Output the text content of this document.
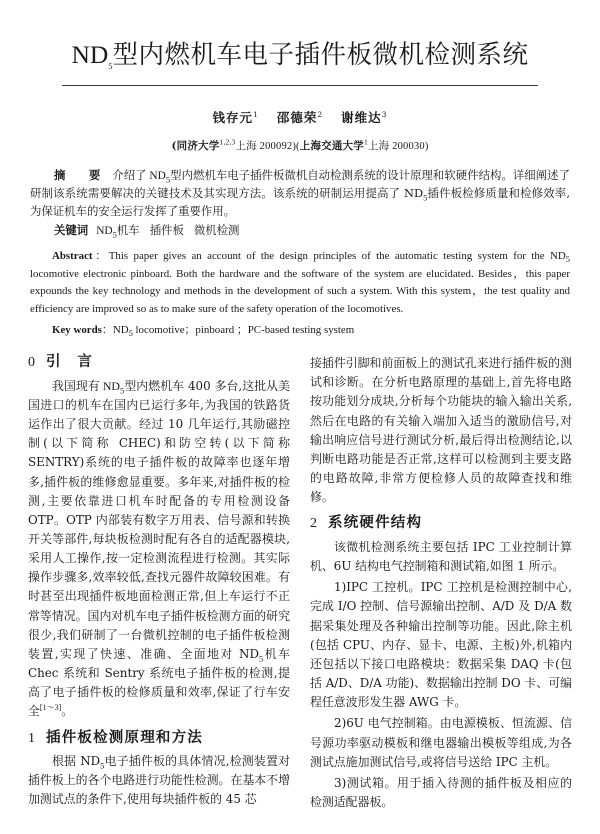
$ND_5$型内燃机车电子插件板微机检测系统
钱存元$^1$ 邵德荣$^2$ 谢维达$^3$
(同济大学$^{1,2,3}$上海 200092)(上海交通大学$^1$上海 200030)
摘　要 介绍了 $ND_5$型内燃机车电子插件板微机自动检测系统的设计原理和软硬件结构。详细阐述了研制该系统需要解决的关键技术及其实现方法。该系统的研制运用提高了 $ND_5$插件板检修质量和检修效率,为保证机车的安全运行发挥了重要作用。
关键词 $ND_5$机车 插件板 微机检测
Abstract：This paper gives an account of the design principles of the automatic testing system for the $ND_5$ locomotive electronic pinboard. Both the hardware and the software of the system are elucidated. Besides，this paper expounds the key technology and methods in the development of such a system. With this system，the test quality and efficiency are improved so as to make sure of the safety operation of the locomotives.
Key words：$ND_5$ locomotive；pinboard ；PC-based testing system
0 引　言

我国现有 $ND_5$型内燃机车 400 多台,这批从美国进口的机车在国内已运行多年,为我国的铁路货运作出了很大贡献。经过 10 几年运行,其励磁控制(以下简称 CHEC)和防空转(以下简称 SENTRY)系统的电子插件板的故障率也逐年增多,插件板的维修愈显重要。多年来,对插件板的检测,主要依靠进口机车时配备的专用检测设备 OTP。OTP 内部装有数字万用表、信号源和转换开关等部件,每块板检测时配有各自的适配器模块,采用人工操作,按一定检测流程进行检测。其实际操作步骤多,效率较低,查找元器件故障较困难。有时甚至出现插件板地面检测正常,但上车运行不正常等情况。国内对机车电子插件板检测方面的研究很少,我们研制了一台微机控制的电子插件板检测装置,实现了快速、准确、全面地对 $ND_5$机车 Chec 系统和 Sentry 系统电子插件板的检测,提高了电子插件板的检修质量和效率,保证了行车安全[1～3]。

1 插件板检测原理和方法

根据 $ND_5$电子插件板的具体情况,检测装置对插件板上的各个电路进行功能性检测。在基本不增加测试点的条件下,使用每块插件板的 45 芯

接插件引脚和前面板上的测试孔来进行插件板的测试和诊断。在分析电路原理的基础上,首先将电路按功能划分成块,分析每个功能块的输入输出关系,然后在电路的有关输入端加入适当的激励信号,对输出响应信号进行测试分析,最后得出检测结论,以判断电路功能是否正常,这样可以检测到主要支路的电路故障,非常方便检修人员的故障查找和维修。

2 系统硬件结构

该微机检测系统主要包括 IPC 工业控制计算机、6U 结构电气控制箱和测试箱,如图 1 所示。

1)IPC 工控机。IPC 工控机是检测控制中心,完成 I/O 控制、信号源输出控制、A/D 及 D/A 数据采集处理及各种输出控制等功能。因此,除主机(包括 CPU、内存、显卡、电源、主板)外,机箱内还包括以下接口电路模块：数据采集 DAQ 卡(包括 A/D、D/A 功能)、数据输出控制 DO 卡、可编程任意波形发生器 AWG 卡。

2)6U 电气控制箱。由电源模板、恒流源、信号源功率驱动模板和继电器输出模板等组成,为各测试点施加测试信号,或将信号送给 IPC 主机。

3)测试箱。用于插入待测的插件板及相应的检测适配器板。
